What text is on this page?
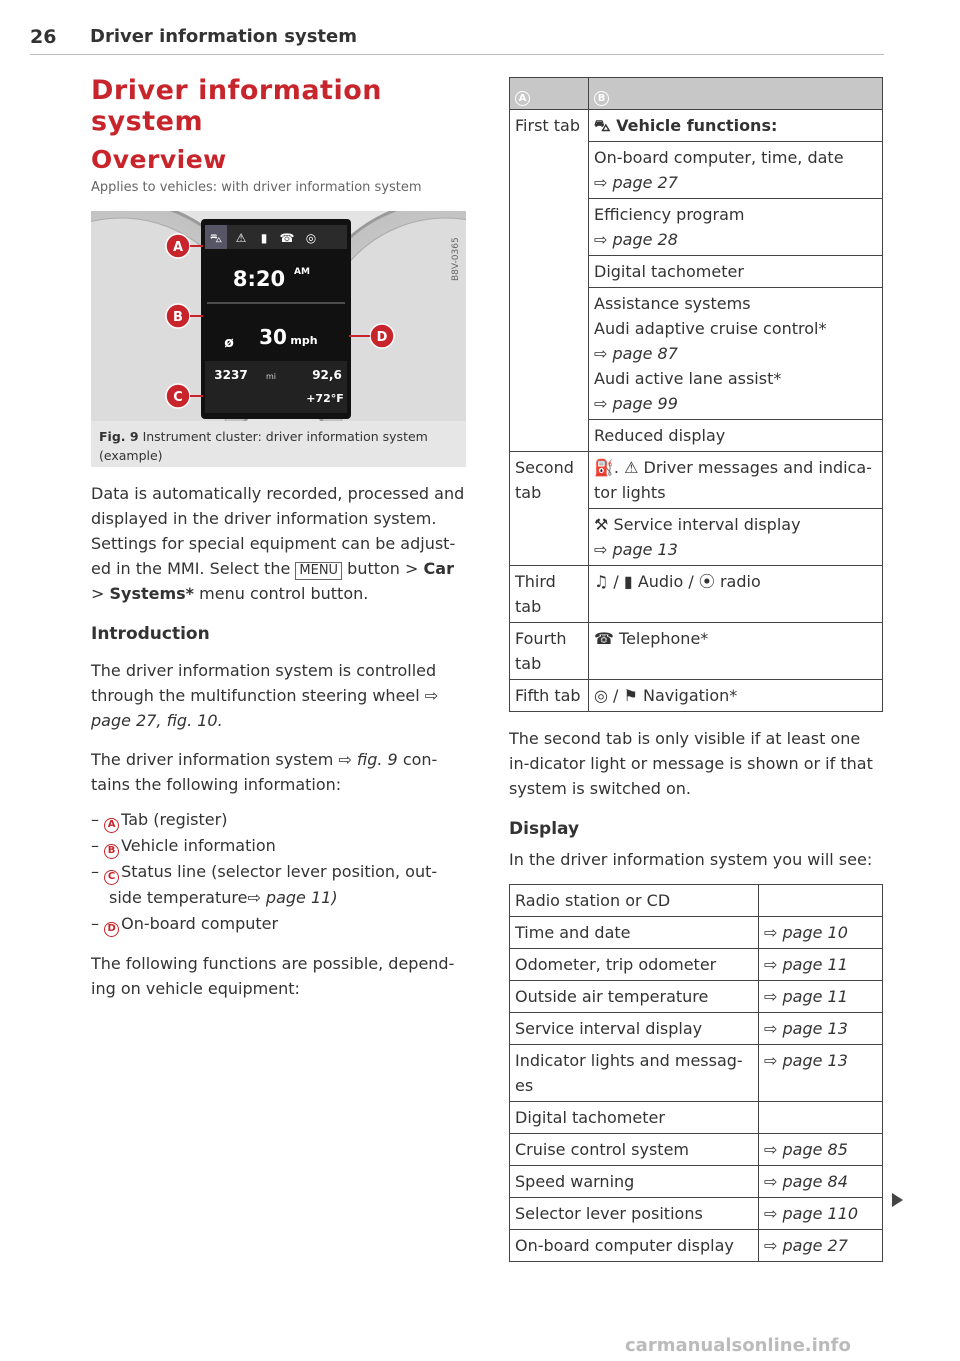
26 Driver information system
Driver information system
Overview
Applies to vehicles: with driver information system
⛍ ⚠ ▮ ☎ ◎
8:20 AM
ø 30 mph
3237 mi	92,6
+72°F
A
B
C
D
B8V-0365
Fig. 9 Instrument cluster: driver information system (example)

Data is automatically recorded, processed and displayed in the driver information system. Settings for special equipment can be adjust-ed in the MMI. Select the MENU button > Car > Systems* menu control button.

Introduction

The driver information system is controlled through the multifunction steering wheel ⇨ page 27, fig. 10.

The driver information system ⇨ fig. 9 con-tains the following information:

– A Tab (register)
– B Vehicle information
– C Status line (selector lever position, out-side temperature⇨ page 11)
– D On-board computer

The following functions are possible, depend-ing on vehicle equipment:

A	B
First tab	⛍ Vehicle functions:
	On-board computer, time, date
⇨ page 27
	Efficiency program
⇨ page 28
	Digital tachometer
	Assistance systems
Audi adaptive cruise control*
⇨ page 87
Audi active lane assist*
⇨ page 99
	Reduced display
Second tab	⛽. ⚠ Driver messages and indica-tor lights
	⚒ Service interval display
⇨ page 13
Third tab	♫ / ▮ Audio / ⦿ radio
Fourth tab	☎ Telephone*
Fifth tab	◎ / ⚑ Navigation*

The second tab is only visible if at least one in-dicator light or message is shown or if that system is switched on.

Display

In the driver information system you will see:

Radio station or CD	
Time and date	⇨ page 10
Odometer, trip odometer	⇨ page 11
Outside air temperature	⇨ page 11
Service interval display	⇨ page 13
Indicator lights and messag-es	⇨ page 13
Digital tachometer	
Cruise control system	⇨ page 85
Speed warning	⇨ page 84
Selector lever positions	⇨ page 110
On-board computer display	⇨ page 27
carmanualsonline.info
